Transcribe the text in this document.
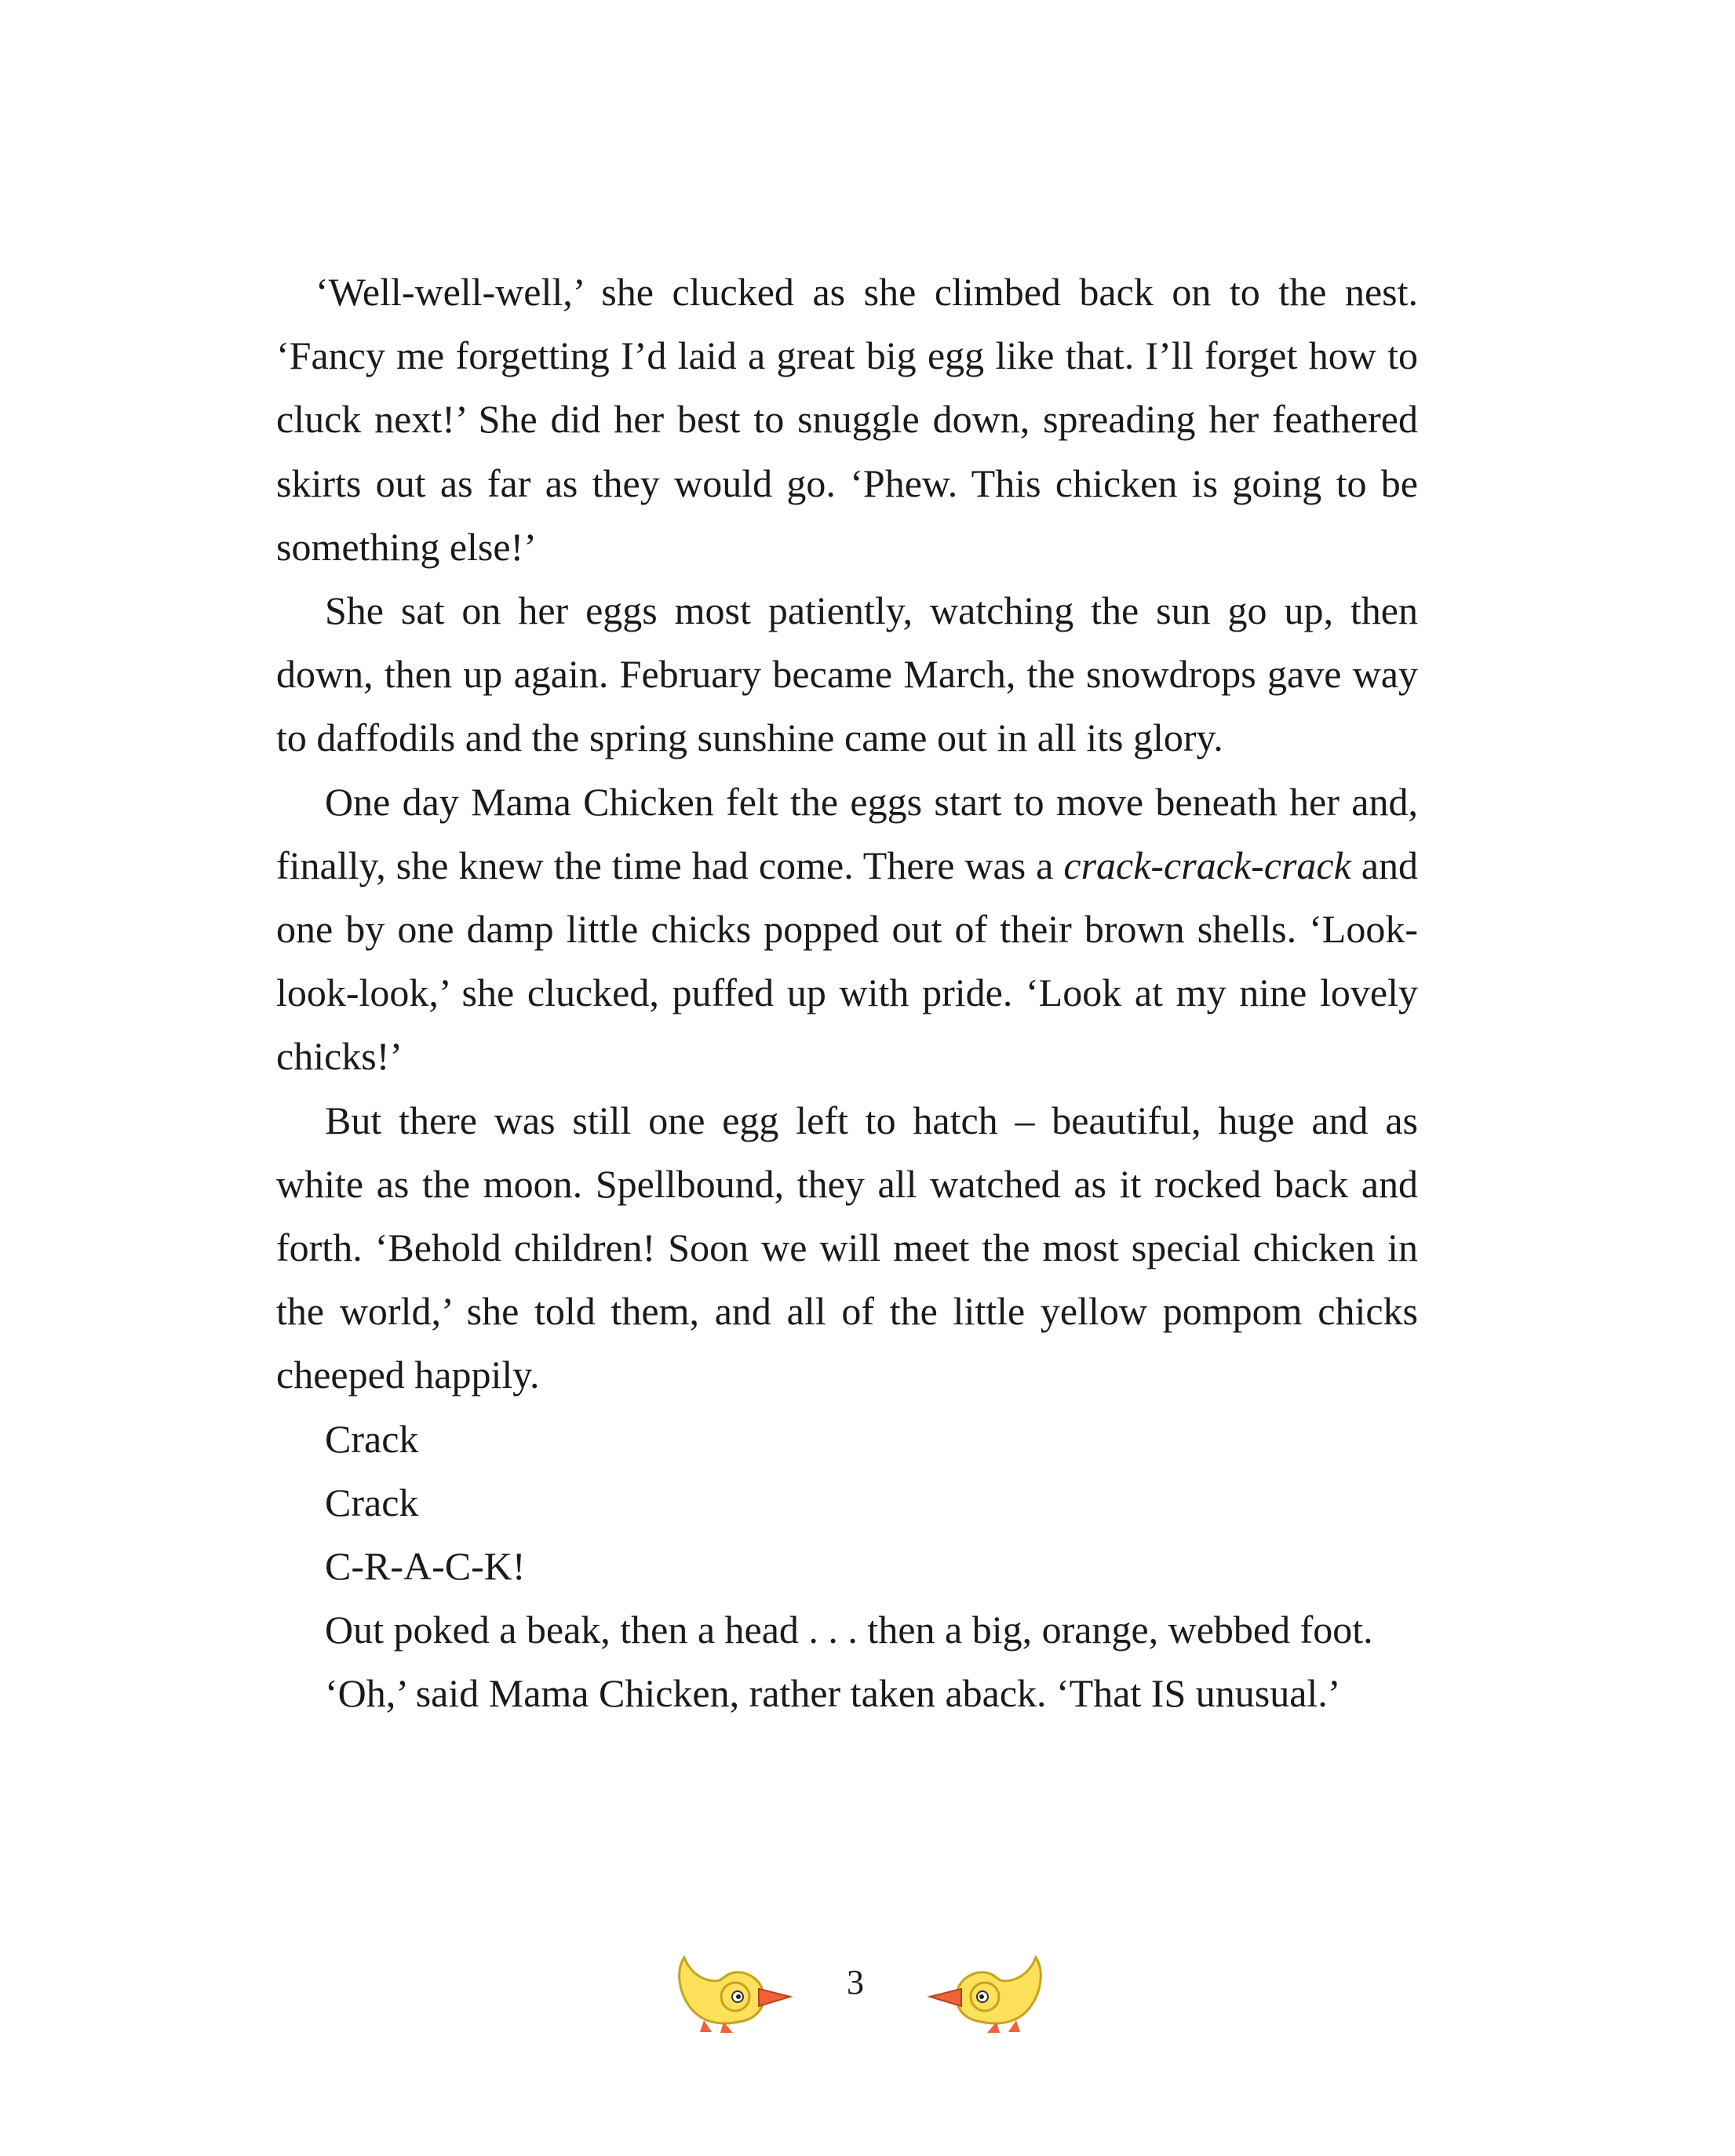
‘Well-well-well,’ she clucked as she climbed back on to the nest. ‘Fancy me forgetting I’d laid a great big egg like that. I’ll forget how to cluck next!’ She did her best to snuggle down, spreading her feathered skirts out as far as they would go. ‘Phew. This chicken is going to be something else!’

She sat on her eggs most patiently, watching the sun go up, then down, then up again. February became March, the snowdrops gave way to daffodils and the spring sunshine came out in all its glory.

One day Mama Chicken felt the eggs start to move beneath her and, finally, she knew the time had come. There was a crack-crack-crack and one by one damp little chicks popped out of their brown shells. ‘Look-look-look,’ she clucked, puffed up with pride. ‘Look at my nine lovely chicks!’

But there was still one egg left to hatch – beautiful, huge and as white as the moon. Spellbound, they all watched as it rocked back and forth. ‘Behold children! Soon we will meet the most special chicken in the world,’ she told them, and all of the little yellow pompom chicks cheeped happily.

Crack

Crack

C-R-A-C-K!

Out poked a beak, then a head . . . then a big, orange, webbed foot.

‘Oh,’ said Mama Chicken, rather taken aback. ‘That IS unusual.’

3
